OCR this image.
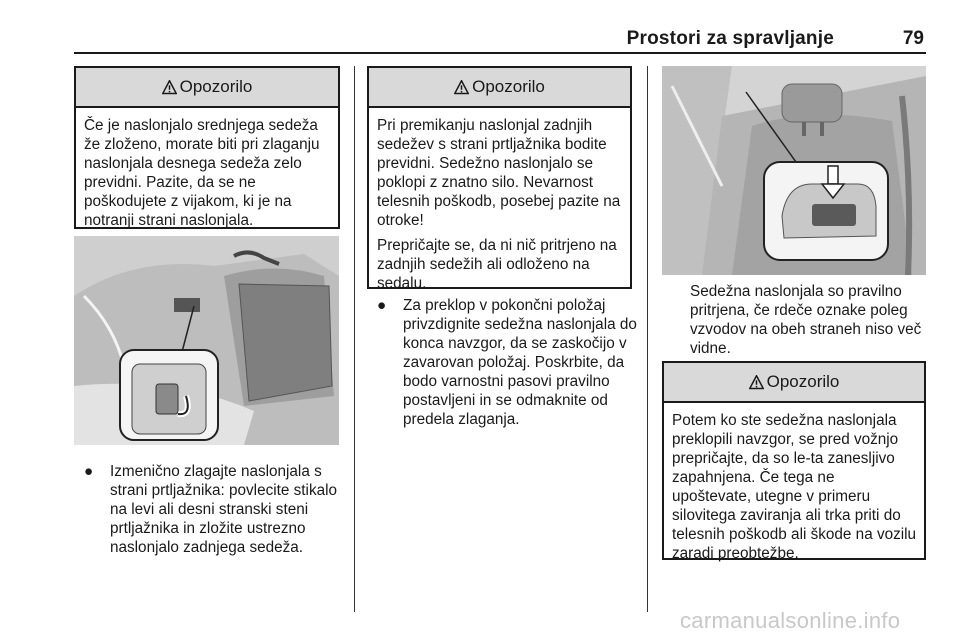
Prostori za spravljanje	79
Opozorilo

Če je naslonjalo srednjega sedeža že zloženo, morate biti pri zlaganju naslonjala desnega sedeža zelo previdni. Pazite, da se ne poškodujete z vijakom, ki je na notranji strani naslonjala.

● Izmenično zlagajte naslonjala s strani prtljažnika: povlecite stikalo na levi ali desni stranski steni prtljažnika in zložite ustrezno naslonjalo zadnjega sedeža.
Opozorilo

Pri premikanju naslonjal zadnjih sedežev s strani prtljažnika bodite previdni. Sedežno naslonjalo se poklopi z znatno silo. Nevarnost telesnih poškodb, posebej pazite na otroke!

Prepričajte se, da ni nič pritrjeno na zadnjih sedežih ali odloženo na sedalu.

● Za preklop v pokončni položaj privzdignite sedežna naslonjala do konca navzgor, da se zaskočijo v zavarovan položaj. Poskrbite, da bodo varnostni pasovi pravilno postavljeni in se odmaknite od predela zlaganja.
Sedežna naslonjala so pravilno pritrjena, če rdeče oznake poleg vzvodov na obeh straneh niso več vidne.
Opozorilo

Potem ko ste sedežna naslonjala preklopili navzgor, se pred vožnjo prepričajte, da so le-ta zanesljivo zapahnjena. Če tega ne upoštevate, utegne v primeru silovitega zaviranja ali trka priti do telesnih poškodb ali škode na vozilu zaradi preobtežbe.

carmanualsonline.info
